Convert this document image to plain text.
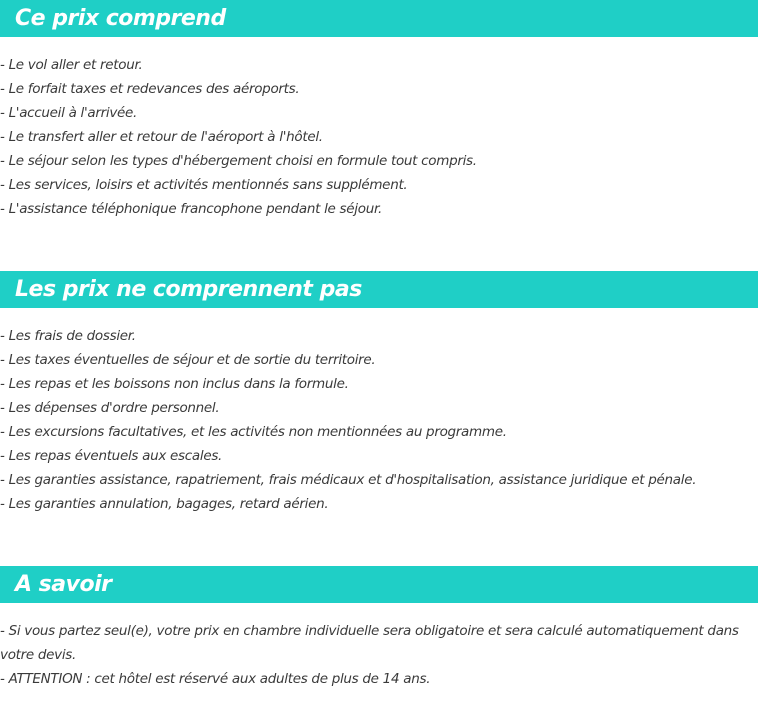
Ce prix comprend
- Le vol aller et retour.
- Le forfait taxes et redevances des aéroports.
- L'accueil à l'arrivée.
- Le transfert aller et retour de l'aéroport à l'hôtel.
- Le séjour selon les types d'hébergement choisi en formule tout compris.
- Les services, loisirs et activités mentionnés sans supplément.
- L'assistance téléphonique francophone pendant le séjour.
Les prix ne comprennent pas
- Les frais de dossier.
- Les taxes éventuelles de séjour et de sortie du territoire.
- Les repas et les boissons non inclus dans la formule.
- Les dépenses d'ordre personnel.
- Les excursions facultatives, et les activités non mentionnées au programme.
- Les repas éventuels aux escales.
- Les garanties assistance, rapatriement, frais médicaux et d'hospitalisation, assistance juridique et pénale.
- Les garanties annulation, bagages, retard aérien.
A savoir
- Si vous partez seul(e), votre prix en chambre individuelle sera obligatoire et sera calculé automatiquement dans votre devis.
- ATTENTION : cet hôtel est réservé aux adultes de plus de 14 ans.
